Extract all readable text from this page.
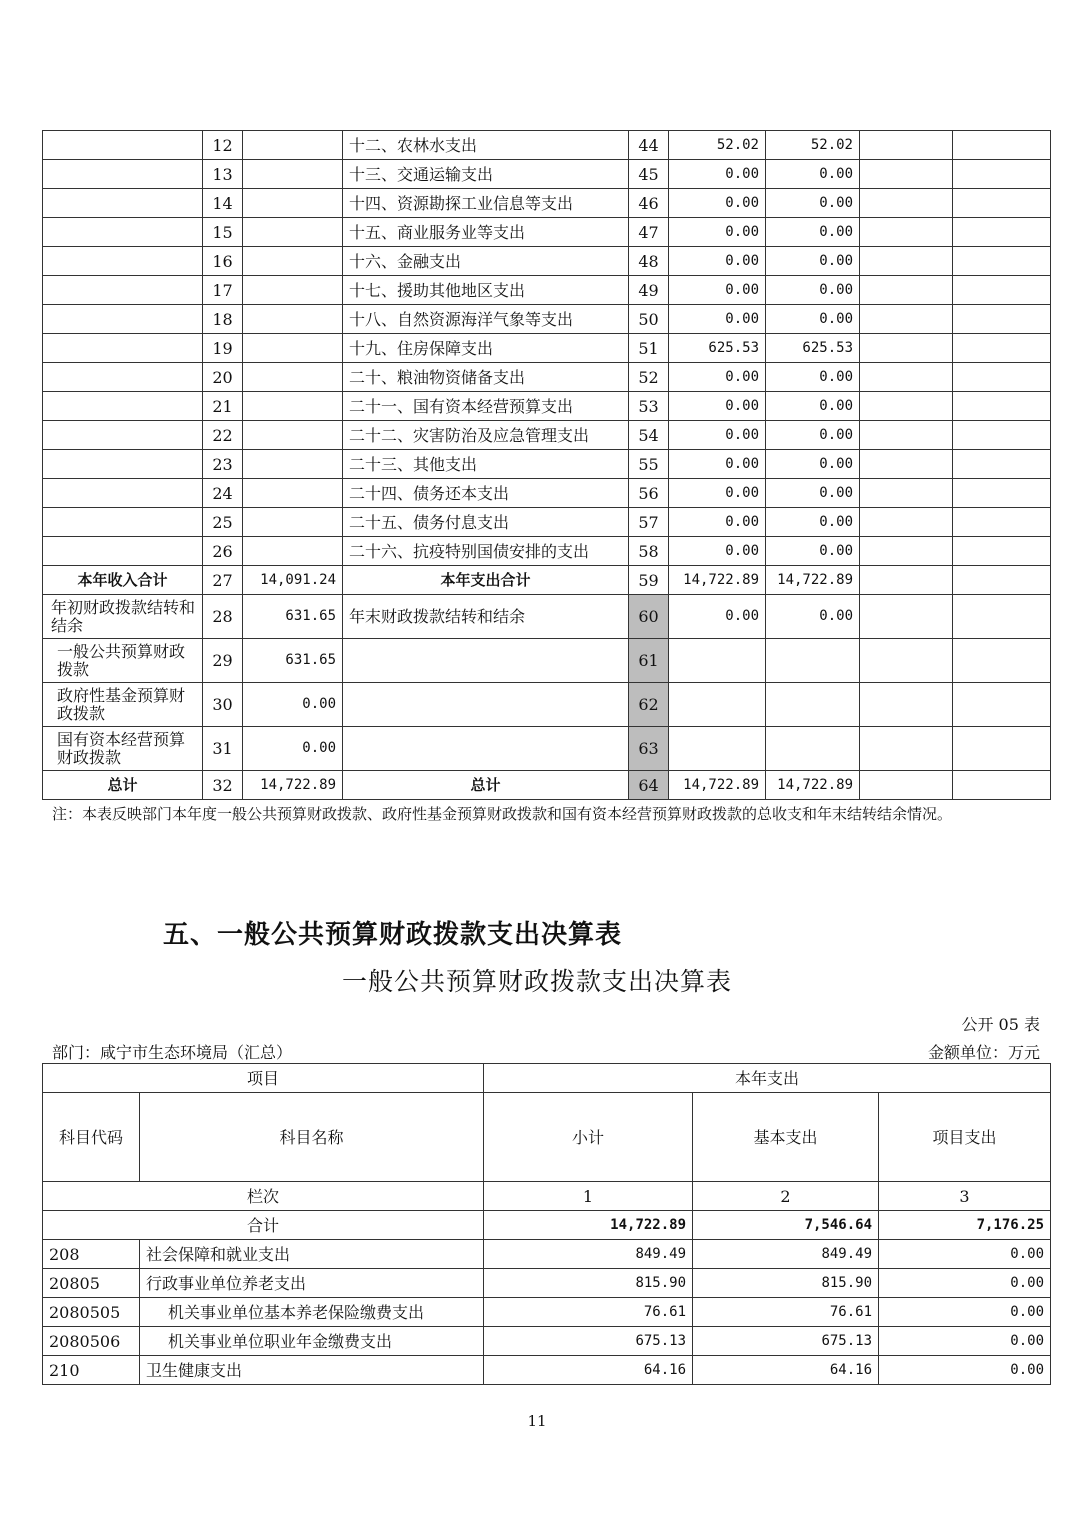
	12		十二、农林水支出	44	52.02	52.02		
	13		十三、交通运输支出	45	0.00	0.00		
	14		十四、资源勘探工业信息等支出	46	0.00	0.00		
	15		十五、商业服务业等支出	47	0.00	0.00		
	16		十六、金融支出	48	0.00	0.00		
	17		十七、援助其他地区支出	49	0.00	0.00		
	18		十八、自然资源海洋气象等支出	50	0.00	0.00		
	19		十九、住房保障支出	51	625.53	625.53		
	20		二十、粮油物资储备支出	52	0.00	0.00		
	21		二十一、国有资本经营预算支出	53	0.00	0.00		
	22		二十二、灾害防治及应急管理支出	54	0.00	0.00		
	23		二十三、其他支出	55	0.00	0.00		
	24		二十四、债务还本支出	56	0.00	0.00		
	25		二十五、债务付息支出	57	0.00	0.00		
	26		二十六、抗疫特别国债安排的支出	58	0.00	0.00		
本年收入合计	27	14,091.24	本年支出合计	59	14,722.89	14,722.89		
年初财政拨款结转和结余	28	631.65	年末财政拨款结转和结余	60	0.00	0.00		
一般公共预算财政拨款	29	631.65		61				
政府性基金预算财政拨款	30	0.00		62				
国有资本经营预算财政拨款	31	0.00		63				
总计	32	14,722.89	总计	64	14,722.89	14,722.89		
注：本表反映部门本年度一般公共预算财政拨款、政府性基金预算财政拨款和国有资本经营预算财政拨款的总收支和年末结转结余情况。
五、一般公共预算财政拨款支出决算表
一般公共预算财政拨款支出决算表
公开 05 表
部门：咸宁市生态环境局（汇总）	金额单位：万元
项目		本年支出		
科目代码	科目名称	小计	基本支出	项目支出
栏次		1	2	3
合计		14,722.89	7,546.64	7,176.25
208	社会保障和就业支出	849.49	849.49	0.00
20805	行政事业单位养老支出	815.90	815.90	0.00
2080505	机关事业单位基本养老保险缴费支出	76.61	76.61	0.00
2080506	机关事业单位职业年金缴费支出	675.13	675.13	0.00
210	卫生健康支出	64.16	64.16	0.00
11
